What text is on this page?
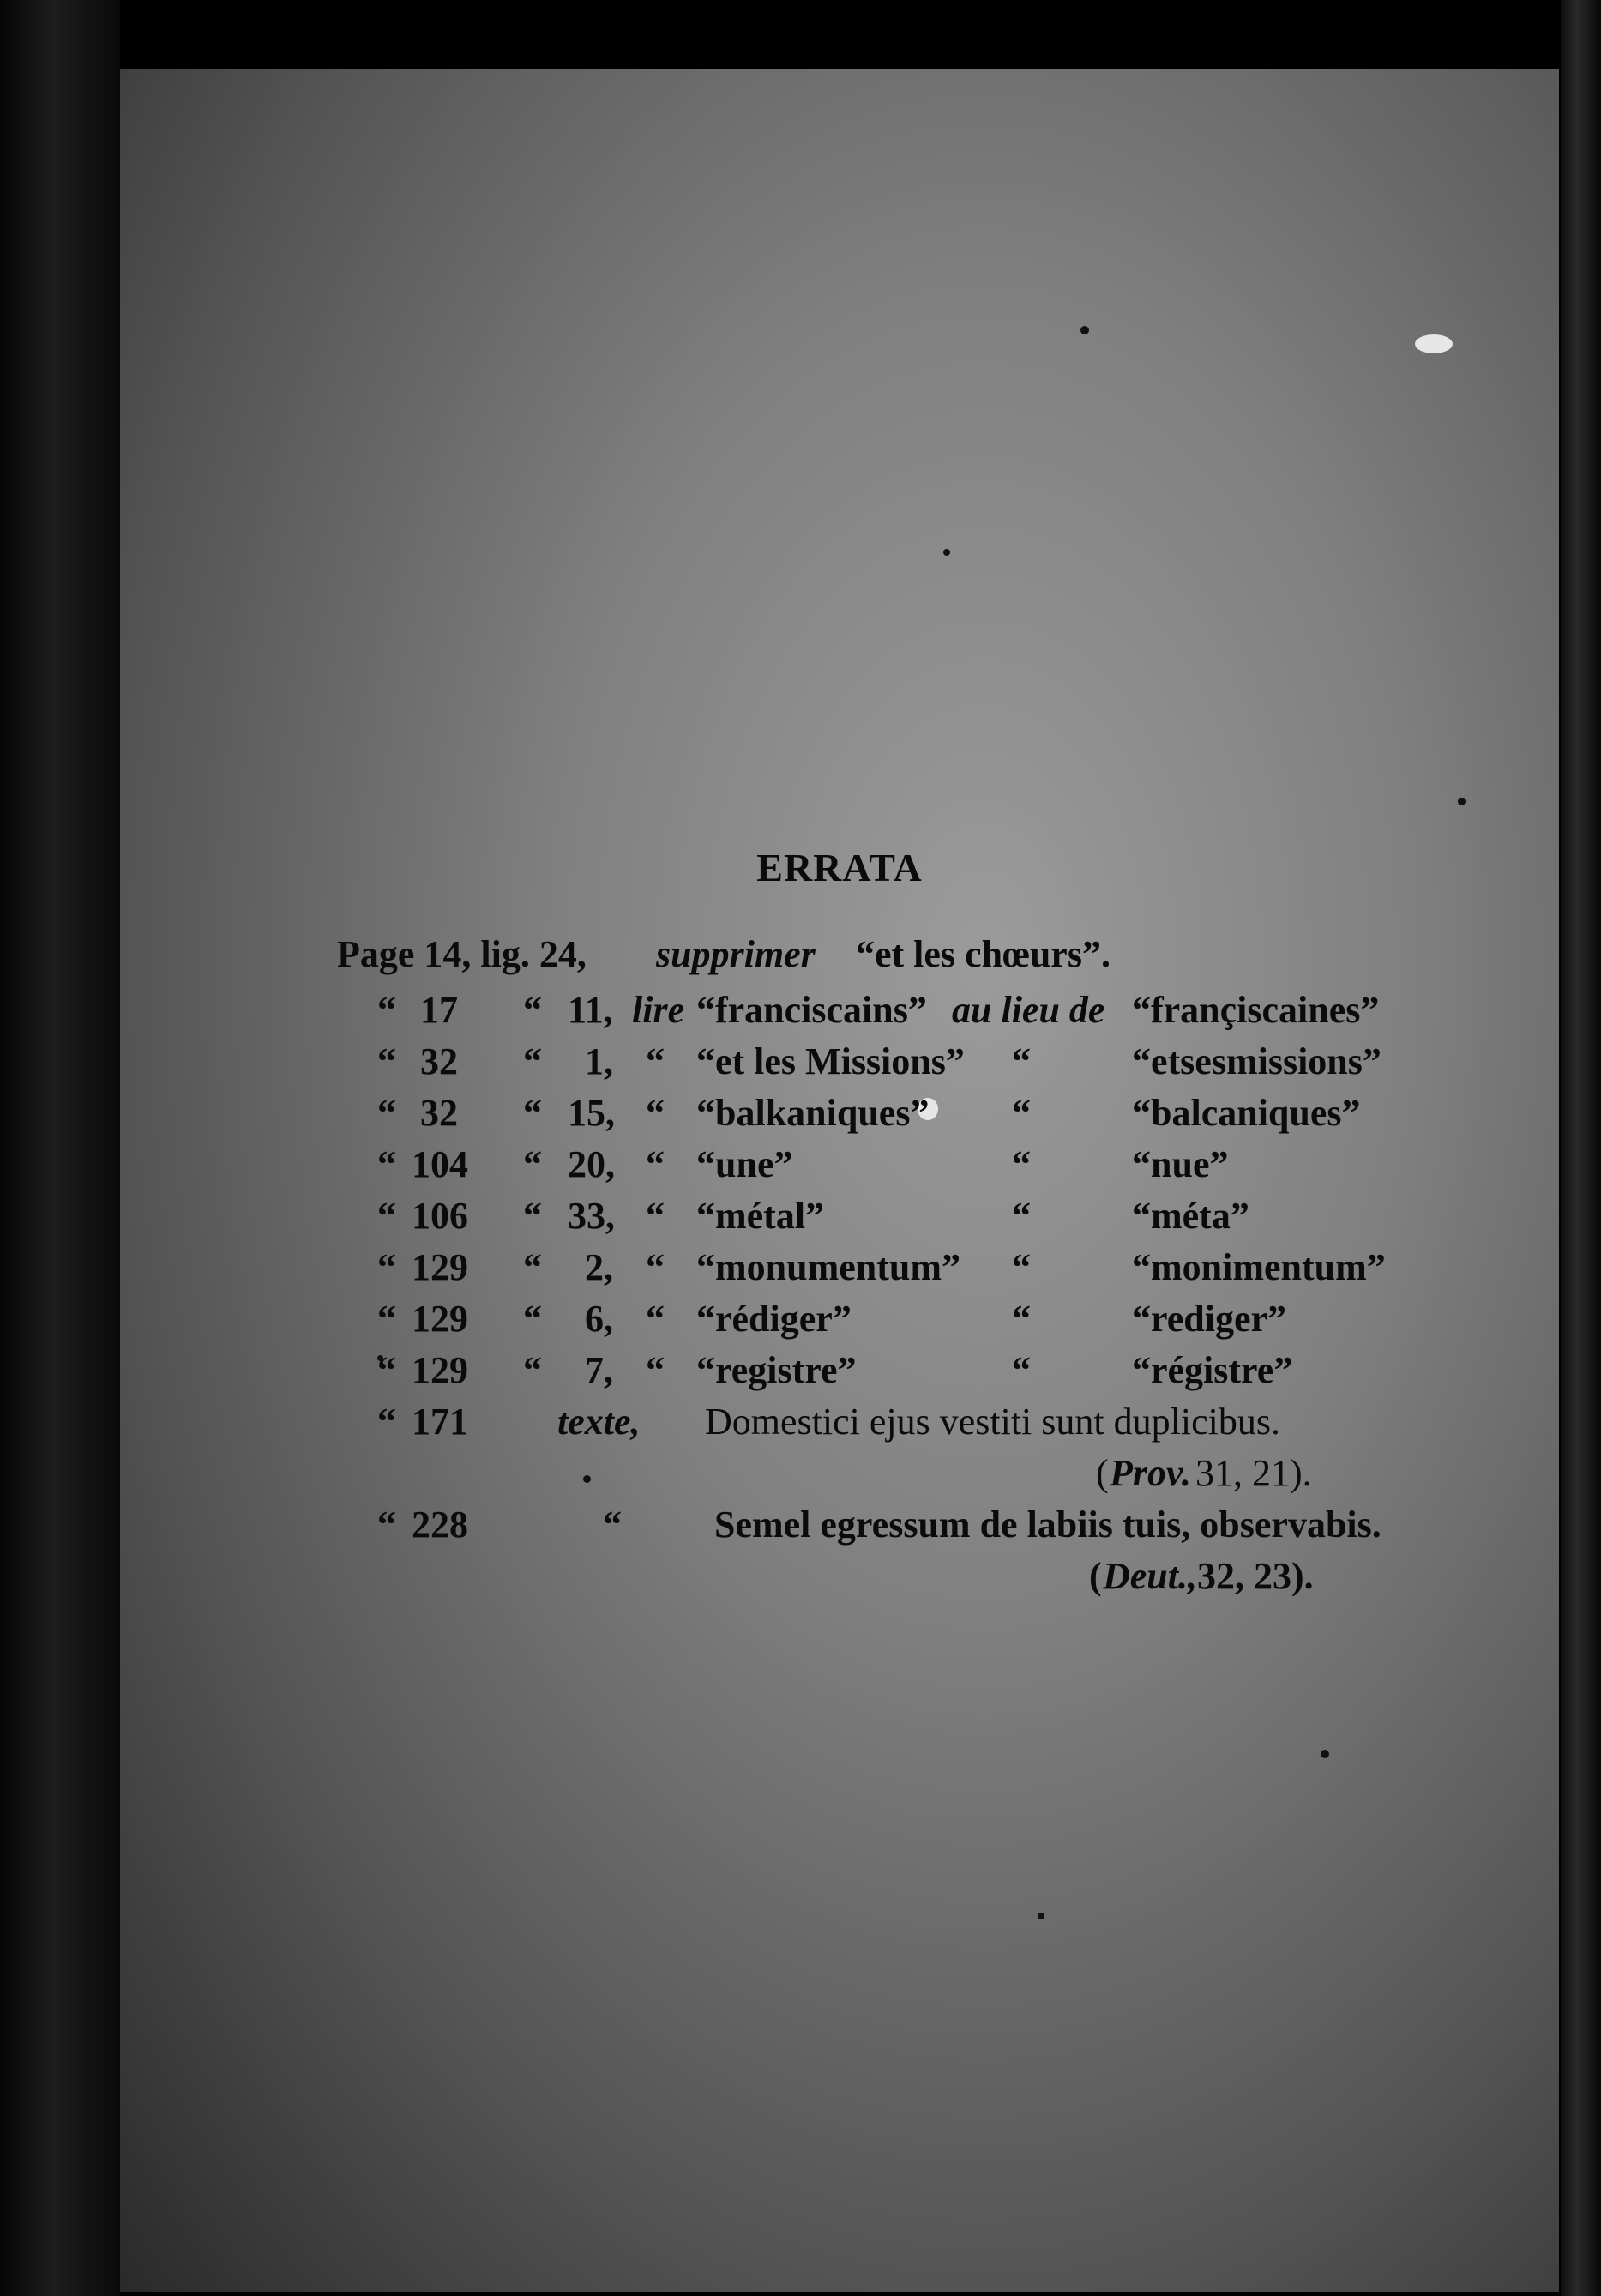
ERRATA
Page 14, lig. 24, supprimer “et les chœurs”.
“ 17 “ 11, lire “franciscains” au lieu de “françiscaines”
“ 32 “ 1, “ “et les Missions” “	“etsesmissions”
“ 32 “ 15, “ “balkaniques” “	“balcaniques”
“ 104 “ 20, “ “une”	“	“nue”
“ 106 “ 33, “ “métal”	“	“méta”
“ 129 “ 2, “ “monumentum” “	“monimentum”
“ 129 “ 6, “ “rédiger”	“	“rediger”
“ 129 “ 7, “ “registre”	“	“régistre”
“ 171 texte, Domestici ejus vestiti sunt duplicibus.
( Prov. 31, 21).
“ 228	“ Semel egressum de labiis tuis, observabis.
( Deut., 32, 23).
